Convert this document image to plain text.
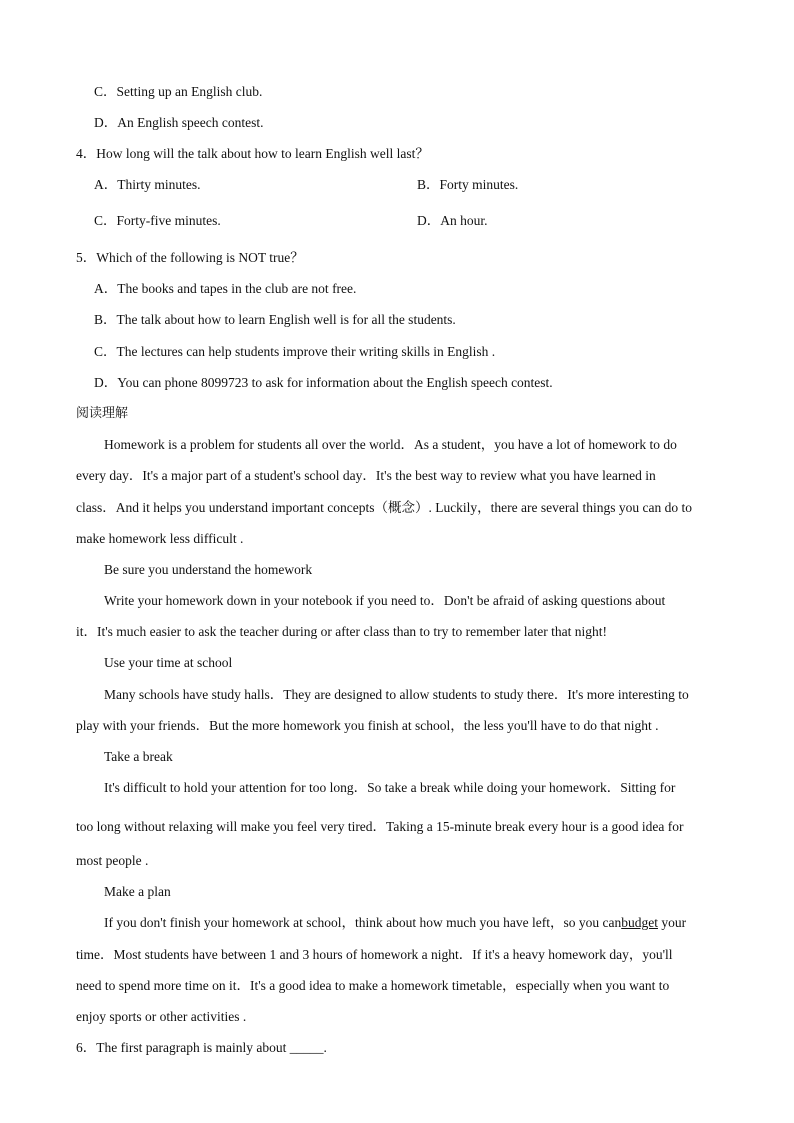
C．Setting up an English club.
D．An English speech contest.
4．How long will the talk about how to learn English well last？
A．Thirty minutes.	B．Forty minutes.
C．Forty-five minutes.	D．An hour.
5．Which of the following is NOT true？
A．The books and tapes in the club are not free.
B．The talk about how to learn English well is for all the students.
C．The lectures can help students improve their writing skills in English .
D．You can phone 8099723 to ask for information about the English speech contest.
阅读理解
Homework is a problem for students all over the world．As a student，you have a lot of homework to do
every day．It's a major part of a student's school day．It's the best way to review what you have learned in
class．And it helps you understand important concepts（概念）. Luckily，there are several things you can do to
make homework less difficult .
Be sure you understand the homework
Write your homework down in your notebook if you need to．Don't be afraid of asking questions about
it．It's much easier to ask the teacher during or after class than to try to remember later that night!
Use your time at school
Many schools have study halls．They are designed to allow students to study there．It's more interesting to
play with your friends．But the more homework you finish at school，the less you'll have to do that night .
Take a break
It's difficult to hold your attention for too long．So take a break while doing your homework．Sitting for
too long without relaxing will make you feel very tired．Taking a 15-minute break every hour is a good idea for
most people .
Make a plan
If you don't finish your homework at school，think about how much you have left，so you canbudget your
time．Most students have between 1 and 3 hours of homework a night．If it's a heavy homework day，you'll
need to spend more time on it．It's a good idea to make a homework timetable，especially when you want to
enjoy sports or other activities .
6．The first paragraph is mainly about _____.
